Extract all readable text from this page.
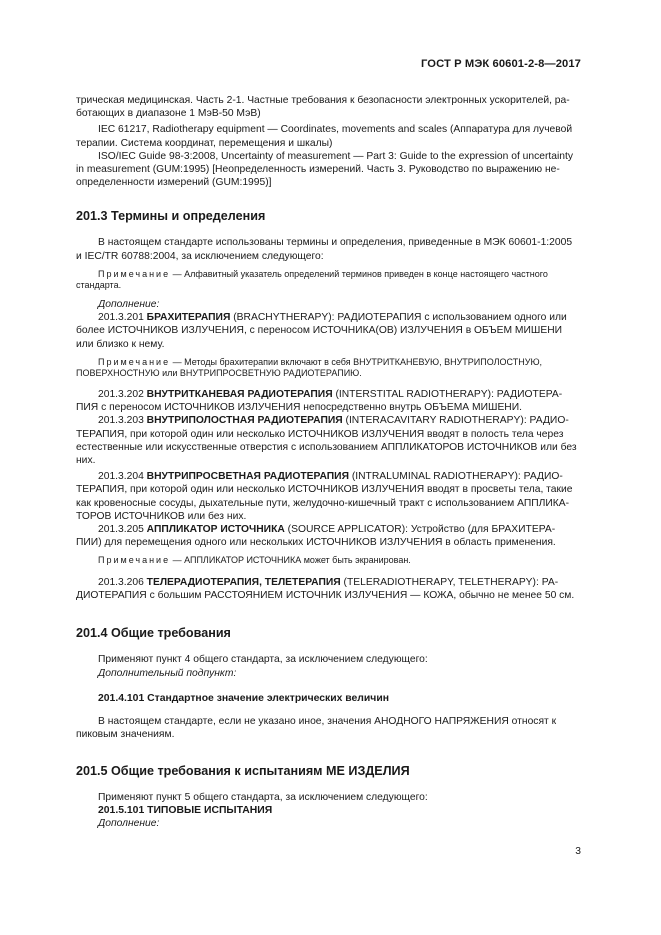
ГОСТ Р МЭК 60601-2-8—2017

трическая медицинская. Часть 2-1. Частные требования к безопасности электронных ускорителей, ра-

ботающих в диапазоне 1 МэВ-50 МэВ)

IEC 61217, Radiotherapy equipment — Coordinates, movements and scales (Аппаратура для лучевой

терапии. Система координат, перемещения и шкалы)

ISO/IEC Guide 98-3:2008, Uncertainty of measurement — Part 3: Guide to the expression of uncertainty

in measurement (GUM:1995) [Неопределенность измерений. Часть 3. Руководство по выражению не-

определенности измерений (GUM:1995)]

201.3 Термины и определения

В настоящем стандарте использованы термины и определения, приведенные в МЭК 60601-1:2005

и IEC/TR 60788:2004, за исключением следующего:

Примечание — Алфавитный указатель определений терминов приведен в конце настоящего частного

стандарта.

Дополнение:

201.3.201 БРАХИТЕРАПИЯ (BRACHYTHERAPY): РАДИОТЕРАПИЯ с использованием одного или

более ИСТОЧНИКОВ ИЗЛУЧЕНИЯ, с переносом ИСТОЧНИКА(ОВ) ИЗЛУЧЕНИЯ в ОБЪЕМ МИШЕНИ

или близко к нему.

Примечание — Методы брахитерапии включают в себя ВНУТРИТКАНЕВУЮ, ВНУТРИПОЛОСТНУЮ,

ПОВЕРХНОСТНУЮ или ВНУТРИПРОСВЕТНУЮ РАДИОТЕРАПИЮ.

201.3.202 ВНУТРИТКАНЕВАЯ РАДИОТЕРАПИЯ (INTERSTITAL RADIOTHERAPY): РАДИОТЕРА-

ПИЯ с переносом ИСТОЧНИКОВ ИЗЛУЧЕНИЯ непосредственно внутрь ОБЪЕМА МИШЕНИ.

201.3.203 ВНУТРИПОЛОСТНАЯ РАДИОТЕРАПИЯ (INTERACAVITARY RADIOTHERAPY): РАДИО-

ТЕРАПИЯ, при которой один или несколько ИСТОЧНИКОВ ИЗЛУЧЕНИЯ вводят в полость тела через

естественные или искусственные отверстия с использованием АППЛИКАТОРОВ ИСТОЧНИКОВ или без

них.

201.3.204 ВНУТРИПРОСВЕТНАЯ РАДИОТЕРАПИЯ (INTRALUMINAL RADIOTHERAPY): РАДИО-

ТЕРАПИЯ, при которой один или несколько ИСТОЧНИКОВ ИЗЛУЧЕНИЯ вводят в просветы тела, такие

как кровеносные сосуды, дыхательные пути, желудочно-кишечный тракт с использованием АППЛИКА-

ТОРОВ ИСТОЧНИКОВ или без них.

201.3.205 АППЛИКАТОР ИСТОЧНИКА (SOURCE APPLICATOR): Устройство (для БРАХИТЕРА-

ПИИ) для перемещения одного или нескольких ИСТОЧНИКОВ ИЗЛУЧЕНИЯ в область применения.

Примечание — АППЛИКАТОР ИСТОЧНИКА может быть экранирован.

201.3.206 ТЕЛЕРАДИОТЕРАПИЯ, ТЕЛЕТЕРАПИЯ (TELERADIOTHERAPY, TELETHERAPY): РА-

ДИОТЕРАПИЯ с большим РАССТОЯНИЕМ ИСТОЧНИК ИЗЛУЧЕНИЯ — КОЖА, обычно не менее 50 см.

201.4 Общие требования

Применяют пункт 4 общего стандарта, за исключением следующего:

Дополнительный подпункт:

201.4.101 Стандартное значение электрических величин

В настоящем стандарте, если не указано иное, значения АНОДНОГО НАПРЯЖЕНИЯ относят к

пиковым значениям.

201.5 Общие требования к испытаниям МЕ ИЗДЕЛИЯ

Применяют пункт 5 общего стандарта, за исключением следующего:

201.5.101 ТИПОВЫЕ ИСПЫТАНИЯ

Дополнение:

3
